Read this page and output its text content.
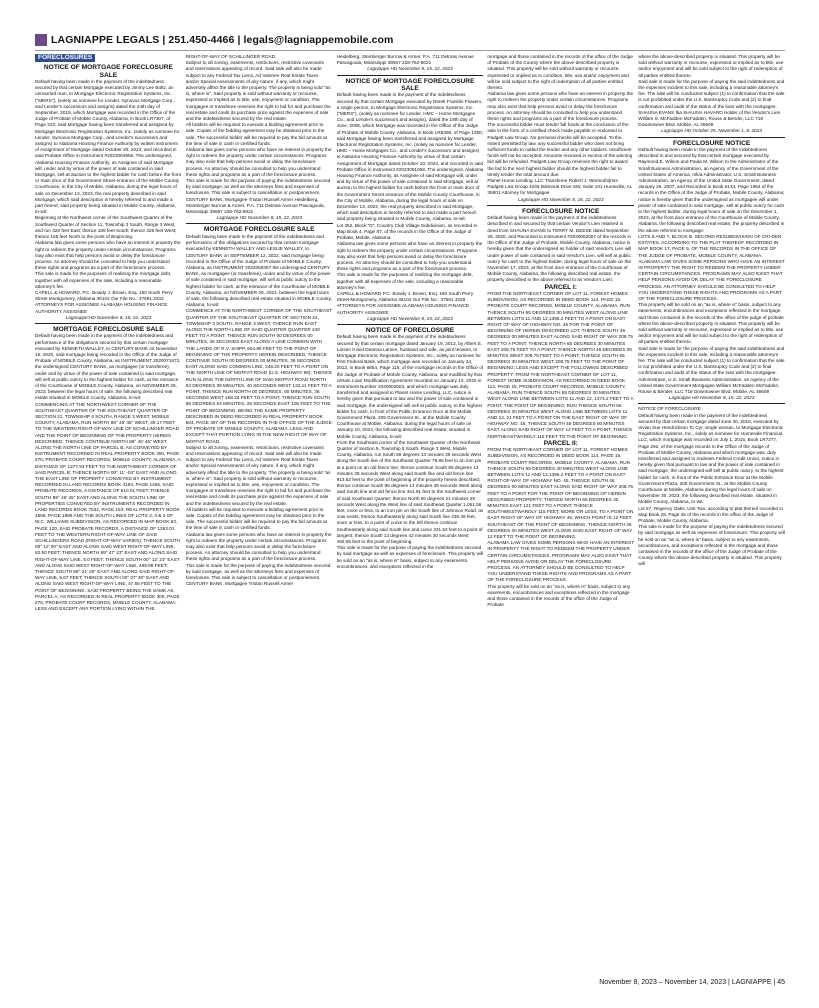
LAGNIAPPE LEGALS | 251.450-4466 | legals@lagniappemobile.com
FORECLOSURES

NOTICE OF MORTGAGE FORECLOSURE SALE

Default having been made in the payment of the indebtedness secured by that certain Mortgage executed by Jimmy Lee Boltz, an unmarried man, to Mortgage Electronic Registration Systems, Inc. ("MERS"), (solely as nominee for Lender, Synovus Mortgage Corp., and Lender's successors and assigns) dated the 24th day of September, 2015, which Mortgage was recorded in the Office of the Judge of Probate of Mobile County, Alabama, in Book LR7307, of Page 222; said Mortgage having been transferred and assigned by Mortgage Electronic Registration Systems, Inc. (solely as nominee for Lender, Synovus Mortgage Corp., and Lender's successors and assigns) to Alabama Housing Finance Authority by written instrument of Assignment of Mortgage dated October 20, 2023, and recorded in said Probate Office in Instrument #2023063956. The undersigned, Alabama Housing Finance Authority, as Assignee of said Mortgage will, under and by virtue of the power of sale contained in said Mortgage, sell at auction to the highest bidder for cash before the front or main door of the Government Street entrance of the Mobile County Courthouse, in the City of Mobile, Alabama, during the legal hours of sale on December 13, 2023, the real property described in said Mortgage, which said description is hereby referred to and made a part hereof, said property being situated in Mobile County, Alabama, to-wit:

Beginning at the Northwest corner of the Southwest Quarter of the Southwest Quarter of Section 11, Township 3 South, Range 3 West, and run 328 feet East; thence 165 feet South; thence 328 feet West; thence 165 feet North to the point of Beginning.

Alabama law gives some persons who have an interest in property the right to redeem the property under certain circumstances. Programs may also exist that help persons avoid or delay the foreclosure process. An attorney should be consulted to help you understand these rights and programs as a part of the foreclosure process.

This sale is made for the purposes of realizing the mortgage debt, together with all expenses of the sale, including a reasonable attorney's fee.

CAPELL & HOWARD, P.C. Bowdy J. Brown, Esq. 150 South Perry Street Montgomery, Alabama 36104 Our File No.: 37591.3333 ATTORNEYS FOR ASSIGNEE ALABAMA HOUSING FINANCE AUTHORITY ASSIGNEE

Lagniappe HD November 8, 15, 22, 2023

MORTGAGE FORECLOSURE SALE

Default having been made in the payment of the indebtedness and performance of the obligations secured by that certain mortgage executed by KENNETH WALLEY, to CENTURY BANK on November 16, 2020, said mortgage being recorded in the Office of the Judge of Probate of MOBILE County, Alabama, as INSTRUMENT 2020071672, the undersigned CENTURY BANK, as mortgagee (or transferee), under and by virtue of the power of sale contained in said mortgage, will sell at public outcry to the highest bidder for cash, at the entrance of the Courthouse of MOBILE County, Alabama, on NOVEMBER 29, 2023, between the legal hours of sale, the following described real estate situated in MOBILE County, Alabama, to-wit:

COMMENCING AT THE NORTHWEST CORNER OF THE SOUTHEAST QUARTER OF THE SOUTHEAST QUARTER OF SECTION 21, TOWNSHIP 4 SOUTH, RANGE 3 WEST, MOBILE COUNTY, ALABAMA, RUN NORTH 89° 45' 45" WEST, 49.17 FEET TO THE WESTERN RIGHT-OF-WAY LINE OF SCHILLINGER ROAD AND THE POINT OF BEGINNING OF THE PROPERTY HEREIN DESCRIBED; THENCE CONTINUE NORTH 89° 46' 45" WEST ALONG THE NORTH LINE OF PARCEL B, AS CONVEYED BY INSTRUMENT RECORDED IN REAL PROPERTY BOOK 300, PAGE 270, PROBATE COURT RECORDS, MOBILE COUNTY, ALABAMA, A DISTANCE OF 1277.93 FEET TO THE NORTHWEST CORNER OF SAID PARCEL B; THENCE NORTH 00° 11' -04" EAST AND ALONG THE EAST LINE OF PROPERTY CONVEYED BY INSTRUMENT RECORDED IN LAND RECORDS BOOK 4194, PAGE 1465, SAID PROBATE RECORDS, A DISTANCE OF 610.01 FEET; THENCE SOUTH 89° 46' 45" EAST AND ALONG THE SOUTH LINE OF PROPERTIES CONVEYED BY INSTRUMENTS RECORDED IN LAND RECORDS BOOK 7532, PAGE 153; REAL PROPERTY BOOK 4566, PAGE 1985 AND THE SOUTH LINES OF LOTS 2, 3 & 4 OF W.C. WILLIAMS SUBDIVISION, AS RECORDED IN MAP BOOK 63, PAGE 120, SAID PROBATE RECORDS, A DISTANCE OF 1263.01 FEET TO THE WESTERN RIGHT-OF-WAY LINE OF SAID SCHILLINGERS ROAD (RIGHT-OF-WAY VARIES); THENCE SOUTH 00° 12' 00" EAST AND ALONG SAID WEST RIGHT-OF-WAY LINE, 62.50 FEET; THENCE NORTH 89° 47' 23" EAST AND ALONG SAID RIGHT-OF-WAY LINE, 5.0 FEET; THENCE SOUTH 00° 12' 23" EAST AND ALONG SAID WEST RIGHT-OF-WAY LINE, 499.98 FEET; THENCE SOUTH 89° 21' 26" EAST AND ALONG SAID RIGHT-OF-WAY LINE, 5.67 FEET; THENCE SOUTH 00° 07' 30" EAST AND ALONG SAID WEST RIGHT-OF-WAY LINE, 47.55 FEET TO THE POINT OF BEGINNING. SAID PROPERTY BEING THE SAME AS PARCEL A, AS RECORDED IN REAL PROPERTY BOOK 300, PAGE 270, PROBATE COURT RECORDS, MOBILE COUNTY, ALABAMA. LESS AND EXCEPT ANY PORTION LYING WITHIN THE

RIGHT-OF-WAY OF SCHILLINGER ROAD.

Subject to all zoning, easements, restrictions, restrictive covenants and reservations appearing of record. Said sale will also be made subject to any Federal Tax Liens, Ad Valorem Real Estate Taxes and/or Special Assessments of any nature, if any, which might adversely affect the title to the property. The property is being sold "as is, where is". Said property is sold without warranty or recourse, expressed or implied as to title, use, enjoyment or condition. The mortgagee or transferee reserves the right to bid for and purchase the real estate and credit its purchase price against the expenses of sale and the indebtedness secured by the real estate.

All bidders will be required to execute a bidding agreement prior to sale. Copies of the bidding agreement may be obtained prior to the sale. The successful bidder will be required to pay the bid amount at the time of sale in cash or certified funds.

Alabama law gives some persons who have an interest in property the right to redeem the property under certain circumstances. Programs may also exist that help persons avoid or delay the foreclosure process. An attorney should be consulted to help you understand these rights and programs as a part of the foreclosure process.

This sale is made for the purpose of paying the indebtedness secured by said mortgage, as well as the attorneys fees and expenses of foreclosure. This sale is subject to cancellation or postponement.

CENTURY BANK, Mortgagee Tristan Russell Armer Heidelberg, Steinberger Burrow & Armer, P.A. 711 Delmas Avenue Pascagoula, Mississippi 39567 228-762-8021

Lagniappe HD November 8, 15, 22, 2023

MORTGAGE FORECLOSURE SALE

Default having been made in the payment of the indebtedness and performance of the obligations secured by that certain mortgage executed by KENNETH WALLEY AND LESLIE WALLEY, to CENTURY BANK on SEPTEMBER 12, 2022, said mortgage being recorded in the Office of the Judge of Probate of MOBILE County, Alabama, as INSTRUMENT 2022059357 the undersigned CENTURY BANK, as mortgagee (or transferee), under and by virtue of the power of sale contained in said mortgage, will sell at public outcry to the highest bidder for cash, at the entrance of the Courthouse of MOBILE County, Alabama, on NOVEMBER 29, 2023, between the legal hours of sale, the following described real estate situated in MOBILE County, Alabama, to-wit:

COMMENCE AT THE NORTHWEST CORNER OF THE SOUTHEAST QUARTER OF THE SOUTHEAST QUARTER OF SECTION 24, TOWNSHIP 3 SOUTH, RANGE 3 WEST, THENCE RUN EAST ALONG THE NORTH LINE OF SAID QUARTER QUARTER 240 FEET TO A POINT, THENCE RUN SOUTH 00 DEGREES 00 MINUTES, 36 SECONDS EAST ALONG A LINE COMMON WITH THE LANDS OF R.V. SHIPP, 604.85 FEET TO THE POINT OF BEGINNING OF THE PROPERTY HEREIN DESCRIBED, THENCE CONTINUE SOUTH 00 DEGREES 00 MINUTES, 36 SECONDS EAST ALONG SAID COMMON LINE, 248.20 FEET TO A POINT ON THE NORTH LINE OF MOFFAT ROAD (U.S. HIGHWAY 98); THENCE RUN ALONG THE NORTH LINE OF SAID MOFFAT ROAD NORTH 53 DEGREES 38 MINUTES, 40 SECONDS WEST 132.11 FEET TO A POINT, THENCE RUN NORTH 00 DEGREES, 00 MINUTES, 36 SECONDS WEST 168.32 FEET TO A POINT, THENCE RUN SOUTH 89 DEGREES 53 MINUTES, 28 SECONDS EAST 105 FEET TO THE POINT OF BEGINNING. BEING THE SAME PROPERTY DESCRIBED IN DEED RECORDED IN REAL PROPERTY BOOK 504, PAGE 307 OF THE RECORDS IN THE OFFICE OF THE JUDGE OF PROBATE OF MOBILE COUNTY, ALABAMA. LESS AND EXCEPT THAT PORTION LYING IN THE NEW RIGHT OF WAY OF MOFFAT ROAD.

Subject to all zoning, easements, restrictions, restrictive covenants and reservations appearing of record. Said sale will also be made subject to any Federal Tax Liens, Ad Valorem Real Estate Taxes and/or Special Assessments of any nature, if any, which might adversely affect the title to the property. The property is being sold "as is, where is". Said property is sold without warranty or recourse, expressed or implied as to title, use, enjoyment or condition. The mortgagee or transferee reserves the right to bid for and purchase the real estate and credit its purchase price against the expenses of sale and the indebtedness secured by the real estate.

All bidders will be required to execute a bidding agreement prior to sale. Copies of the bidding agreement may be obtained prior to the sale. The successful bidder will be required to pay the bid amount at the time of sale in cash or certified funds.

Alabama law gives some persons who have an interest in property the right to redeem the property under certain circumstances. Programs may also exist that help persons avoid or delay the foreclosure process. An attorney should be consulted to help you understand these rights and programs as a part of the foreclosure process.

This sale is made for the purpose of paying the indebtedness secured by said mortgage, as well as the attorneys fees and expenses of foreclosure. This sale is subject to cancellation or postponement.

CENTURY BANK, Mortgagee Tristan Russell Armer

Heidelberg, Steinberger Burrow & Armer, P.A. 711 Delmas Avenue Pascagoula, Mississippi 39567 228-762-8021

Lagniappe HD November 8, 15, 22, 2023

NOTICE OF MORTGAGE FORECLOSURE SALE

Default having been made in the payment of the indebtedness secured by that certain Mortgage executed by Derek Franklin Flowers, a single person, to Mortgage Electronic Registration Systems, Inc. ("MERS"), (solely as nominee for Lender, HMC – Home Mortgages Co., and Lender's successors and assigns), dated the 19th day of June, 2008, which Mortgage was recorded in the Office of the Judge of Probate of Mobile County, Alabama, in Book LR6398, of Page 1350; said Mortgage having been transferred and assigned by Mortgage Electronic Registration Systems, Inc. (solely as nominee for Lender, HMC – Home Mortgages Co., and Lender's successors and assigns) to Alabama Housing Finance Authority by virtue of that certain Assignment of Mortgage dated October 10, 2023, and recorded in said Probate Office in Instrument #2023061068. The undersigned, Alabama Housing Finance Authority, as Assignee of said Mortgage will, under and by virtue of the power of sale contained in said Mortgage, sell at auction to the highest bidder for cash before the front or main door of the Government Street entrance of the Mobile County Courthouse, in the City of Mobile, Alabama, during the legal hours of sale on December 13, 2023, the real property described in said Mortgage, which said description is hereby referred to and made a part hereof, said property being situated in Mobile County, Alabama, to-wit:

Lot 362, Block "D", Country Club Village Subdivision, as recorded in Map Book 4, Page 87, of the records in the Office of the Judge of Probate, Mobile, Alabama.

Alabama law gives some persons who have an interest in property the right to redeem the property under certain circumstances. Programs may also exist that help persons avoid or delay the foreclosure process. An attorney should be consulted to help you understand these rights and programs as a part of the foreclosure process.

This sale is made for the purposes of realizing the mortgage debt, together with all expenses of the sale, including a reasonable attorney's fee.

CAPELL & HOWARD P.C. Bowdy J. Brown, Esq. 150 South Perry Street Montgomery, Alabama 36104 Our File No.: 37591.3329 ATTORNEYS FOR ASSIGNEE ALABAMA HOUSING FINANCE AUTHORITY ASSIGNEE

Lagniappe HD November 8, 15, 22, 2023

NOTICE OF FORECLOSURE

Default having been made in the payment of the indebtedness secured by that certain mortgage dated January 19, 2012, by Albert E. Larsen II and Deanna Larsen, husband and wife, as joint tenants, to Mortgage Electronic Registration Systems, Inc., solely as nominee for First Federal Bank, which mortgage was recorded on January 24, 2012, in Book 6854, Page 116, of the mortgage records in the Office of the Judge of Probate of Mobile County, Alabama, and modified by that certain Loan Modification Agreement recorded on January 13, 2020 in Instrument Number 2020002603, and which mortgage was duly transferred and assigned to Planet Home Lending, LLC, notice is hereby given that pursuant to law and the power of sale contained in said mortgage, the undersigned will sell at public outcry, to the highest bidder for cash, in front of the Public Entrance Door at the Mobile Government Plaza, 205 Government St., at the Mobile County Courthouse at Mobile, Alabama, during the legal hours of sale on January 10, 2024, the following described real estate, situated in Mobile County, Alabama, to-wit:

From the Southeast corner of the Southwest Quarter of the Northeast Quarter of Section 5, Township 5 South, Range 3 West, Mobile County, Alabama, run South 89 degrees 13 minutes 39 seconds West along the South line of the Southeast Quarter 79.85 feet to an iron pin at a point on an old fence line; thence continue South 89 degrees 13 minutes 39 seconds West along said South line and old fence line 913.52 feet to the point of beginning of the property herein described; thence continue South 89 degrees 13 minutes 39 seconds West along said South line and old fence line 341.91 feet to the Southwest corner of said Southeast Quarter; thence North 00 degrees 21 minutes 29 seconds West along the West line of said Southeast Quarter 1,051.56 feet, more or less, to an iron pin on the South line of Johnson Road, as now exists; thence Southeasterly along said South line 436.39 feet, more or less, to a point of curve to the left thence continue Southeasterly along said South line and curve 331.52 feet to a point of tangent; thence South 13 degrees 42 minutes 30 seconds West 492.55 feet to the point of beginning.

This sale is made for the purpose of paying the indebtedness secured by said mortgage as well as expenses of foreclosure. This property will be sold on an "as is, where is" basis, subject to any easements, encumbrances, and exceptions reflected in the

mortgage and those contained in the records of the office of the Judge of Probate of the County where the above-described property is situated. This property will be sold without warranty or recourse, expressed or implied as to condition, title, use and/or enjoyment and will be sold subject to the right of redemption of all parties entitled thereto.

Alabama law gives some persons who have an interest in property the right to redeem the property under certain circumstances. Programs may also exist that help persons avoid or delay the foreclosure process. An attorney should be consulted to help you understand these rights and programs as a part of the foreclosure process.

The successful bidder must tender full funds at the conclusion of the sale in the form of a certified check made payable or endorsed to Padgett Law Group. No personal checks will be accepted. To the extent permitted by law, any successful bidder who does not bring sufficient funds to outbid the lender and any other bidders. Insufficient funds will not be accepted. Amounts received in excess of the winning bid will be refunded. Padgett Law Group reserves the right to award the bid to the next highest bidder should the highest bidder fail to timely tender the total amount due.

Planet Home Lending, LLC Transferee Robert J. Wermuth/jmm Padgett Law Group 4245 Balmoral Drive SW, Suite 101 Huntsville, AL 35801 Attorney for Mortgagee

Lagniappe HD November 8, 15, 22, 2023

FORECLOSURE NOTICE

Default having been made in the payment of the indebtedness described in and secured by that certain Vendor's Lien retained in deed from SHAUNA EVANS to TERRY M. DEESE dated September 28, 2020, and Recorded in Instrument #2020062067 of the records in the Office of the Judge of Probate, Mobile County, Alabama; notice is hereby given that the undersigned as holder of said Vendor's Lien will under power of sale contained in said Vendor's Lien, will sell at public outcry for cash to the highest bidder, during legal hours of sale on the November 17, 2023, at the front door entrance of the Courthouse of Mobile County, Alabama, the following described real estate, the property described in the above referred to as Vendor's Lien:

PARCEL I:

FROM THE NORTHEAST CORNER OF LOT 11, FOREST HOMES SUBDIVISION, AS RECORDED IN DEED BOOK 114, PAGE 15, PROBATE COURT RECORDS, MOBILE COUNTY, ALABAMA, RUN THENCE SOUTH 65 DEGREES 30 MINUTES WEST ALONG LINE BETWEEN LOTS 11 AND 12,1395.2 FEET TO A POINT ON EAST RIGHT OF WAY OF HIGHWAY NO. 45 FOR THE POINT OF BEGINNING OF HEREIN DESCRIBED LOT, THENCE SOUTH 46 DEGREES 00 MINUTES EAST ALONG SAID RIGHT OF WAY 208.75 FEET TO A POINT; THENCE NORTH 65 DEGREES 30 MINUTES EAST 208.75 FEET TO A POINT; THENCE NORTH 46 DEGREES 00 MINUTES WEST 208.75 FEET TO A POINT; THENCE SOUTH 65 DEGREES 30 MINUTES WEST 208.75 FEET TO THE POINT OF BEGINNING; LESS AND EXCEPT THE FOLLOWING DESCRIBED PROPERTY: FROM THE NORTHEAST CORNER OF LOT 11, FOREST HOME SUBDIVISION, AS RECORDED IN DEED BOOK 114, PAGE 15, PROBATE COURT RECORDS, MOBILE COUNTY, ALABAMA, RUN THENCE SOUTH 65 DEGREES 30 MINUTES WEST ALONG LINE BETWEEN LOTS 11 AND 12, 1374.2 FEET TO A POINT, THE POINT OF BEGINNING; RUN THENCE SOUTH 65 DEGREES 30 MINUTES WEST ALONG LINE BETWEEN LOTS 11 AND 12, 21 FEET TO A POINT ON THE EAST RIGHT OF WAY OF HIGHWAY NO. 45, THENCE SOUTH 46 DEGREES 00 MINUTES EAST ALONG SAID RIGHT OF WAY 12 FEET TO A POINT, THENCE NORTHEASTWARDLY 115 FEET TO THE POINT OF BEGINNING.

PARCEL II:

FROM THE NORTHEAST CORNER OF LOT 11, FOREST HOMES SUBDIVISION, AS RECORDED IN DEED BOOK 114, PAGE 15, PROBATE COURT RECORDS, MOBILE COUNTY, ALABAMA, RUN THENCE SOUTH 65 DEGREES 30 MINUTES WEST ALONG LINE BETWEEN LOTS 11 AND 12,1395.2 FEET TO A POINT ON EAST RIGHT-OF-WAY OF HIGHWAY NO. 45, THENCE SOUTH 46 DEGREES 00 MINUTES EAST ALONG SAID RIGHT OF WAY 208.75 FEET TO A POINT FOR THE POINT OF BEGINNING OF HEREIN DESCRIBED PROPERTY; THENCE NORTH 65 DEGREES 30 MINUTES EAST 121 FEET TO A POINT; THENCE SOUTHWESTWARDLY 115 FEET, MORE OR LESS, TO A POINT ON EAST RIGHT OF WAY OF HIGHWAY 45, WHICH POINT IS 12 FEET SOUTHEAST OF THE POINT OF BEGINNING, THENCE NORTH 46 DEGREES 00 MINUTES WEST ALONG SAID EAST RIGHT OF WAY 12 FEET TO THE POINT OF BEGINNING.

ALABAMA LAW GIVES SOME PERSONS WHO HAVE AN INTEREST IN PROPERTY THE RIGHT TO REDEEM THE PROPERTY UNDER CERTAIN CIRCUMSTANCES. PROGRAMS MAY ALSO EXIST THAT HELP PERSONS AVOID OR DELAY THE FORECLOSURE PROCESS. AN ATTORNEY SHOULD BE CONSULTED TO HELP YOU UNDERSTAND THESE RIGHTS AND PROGRAMS AS A PART OF THE FORECLOSURE PROCESS.

This property will be sold on an "as is, where is" basis, subject to any easements, encumbrances and exceptions reflected in the mortgage and those contained in the records of the office of the Judge of Probate

where the above-described property is situated. This property will be sold without warranty or recourse, expressed or implied as to title, use and/or enjoyment and will be sold subject to the right of redemption of all parties entitled thereto.

Said sale is made for the purpose of paying the said indebtedness and the expenses incident to this sale, including a reasonable attorney's fee. The sale will be conducted subject (1) to confirmation that the sale is not prohibited under the U.S. Bankruptcy Code and (2) to final confirmation and audit of the status of the loan with the mortgagee.

SHAUNA EVANS fka SHAUNA HAVARD Holder of the Vendor's Lien William S. McFadden McFadden, Rouse & Bender, LLC 718 Downtowner Blvd. Mobile, AL 36609

Lagniappe HD October 25, November 1, 8, 2023

FORECLOSURE NOTICE

Default having been made in the payment of the indebtedness described in and secured by that certain mortgage executed by Raymond E. Wilson and Paula M. Wilson to the Administrator of the Small Business Administration, an Agency of the Government of the United States of America, n/k/a Administrator, U.S. Small Business Administration, an Agency of the United State Government, dated January 26, 2007, and Recorded in Book 6134, Page 1954 of the records in the Office of the Judge of Probate, Mobile County, Alabama; notice is hereby given that the undersigned as mortgagee will under power of sale contained in said mortgage, sell at public outcry for cash to the highest bidder, during legal hours of sale on the December 1, 2023, at the front door entrance of the Courthouse of Mobile County, Alabama, the following described real estate, the property described in the above referred to mortgage:

LOTS 6 AND 7, BLOCK B, SECOND RESUBDIVISION OF CRI-DEN ESTATES, ACCORDING TO THE PLAT THEREOF RECORDED IN MAP BOOK 17, PAGE 5, OF THE RECORDS IN THE OFFICE OF THE JUDGE OF PROBATE, MOBILE COUNTY, ALABAMA.

ALABAMA LAW GIVES SOME PERSONS WHO HAVE AN INTEREST IN PROPERTY THE RIGHT TO REDEEM THE PROPERTY UNDER CERTAIN CIRCUMSTANCES. PROGRAMS MAY ALSO EXIST THAT HELP PERSONS AVOID OR DELAY THE FORECLOSURE PROCESS. AN ATTORNEY SHOULD BE CONSULTED TO HELP YOU UNDERSTAND THESE RIGHTS AND PROGRAMS AS A PART OF THE FORECLOSURE PROCESS.

This property will be sold on an "as is, where is" basis, subject to any easements, encumbrances and exceptions reflected in the mortgage and those contained in the records of the office of the judge of probate where the above-described property is situated. This property will be sold without warranty or recourse, expressed or implied as to title, use and/or enjoyment and will be sold subject to the right of redemption of all parties entitled thereto.

Said sale is made for the purpose of paying the said indebtedness and the expenses incident to this sale, including a reasonable attorney's fee. The sale will be conducted subject (1) to confirmation that the sale is not prohibited under the U.S. Bankruptcy Code and (2) to final confirmation and audit of the status of the loan with the mortgagee.

Administrator, U.S. Small Business Administration, an Agency of the United State Government Mortgagee William McFadden McFadden, Rouse & Bender, LLC 718 Downtowner Blvd. Mobile, AL 36609

Lagniappe HD November 8, 15, 22, 2023

NOTICE OF FORECLOSURE

Default having been made in the payment of the indebtedness secured by that certain mortgage dated June 30, 2015, executed by Vivian Sue Hendrickson To Cyr, single woman, to Mortgage Electronic Registration Systems, Inc., solely as nominee for Homeside Financial, LLC, which mortgage was recorded on July 1, 2015, Book LR7277, Page 292, of the mortgage records in the Office of the Judge of Probate of Mobile County, Alabama and which mortgage was, duly transferred and assigned to Andrews Federal Credit Union, notice is hereby given that pursuant to law and the power of sale contained in said mortgage, the undersigned will sell at public outcry, to the highest bidder for cash, in front of the Public Entrance Door at the Mobile Government Plaza, 205 Government St., at the Mobile County Courthouse at Mobile, Alabama during the legal hours of sale on November 30, 2023, the following described real estate, situated in Mobile County, Alabama, to-wit:

Lot 57, Regency Oaks, Unit Two, according to plat thereof recorded in Map Book 28, Page 46 of the records in the office of the Judge of Probate, Mobile County, Alabama.

This sale is made for the purpose of paying the indebtedness secured by said mortgage as well as expenses of foreclosure. This property will be sold on an "as is, where is" basis, subject to any easements, encumbrances, and exceptions reflected in the mortgage and those contained in the records of the office of the Judge of Probate of the County where the above-described property is situated. This property will

November 8, 2023 – November 14, 2023 | LAGNIAPPE | 45
